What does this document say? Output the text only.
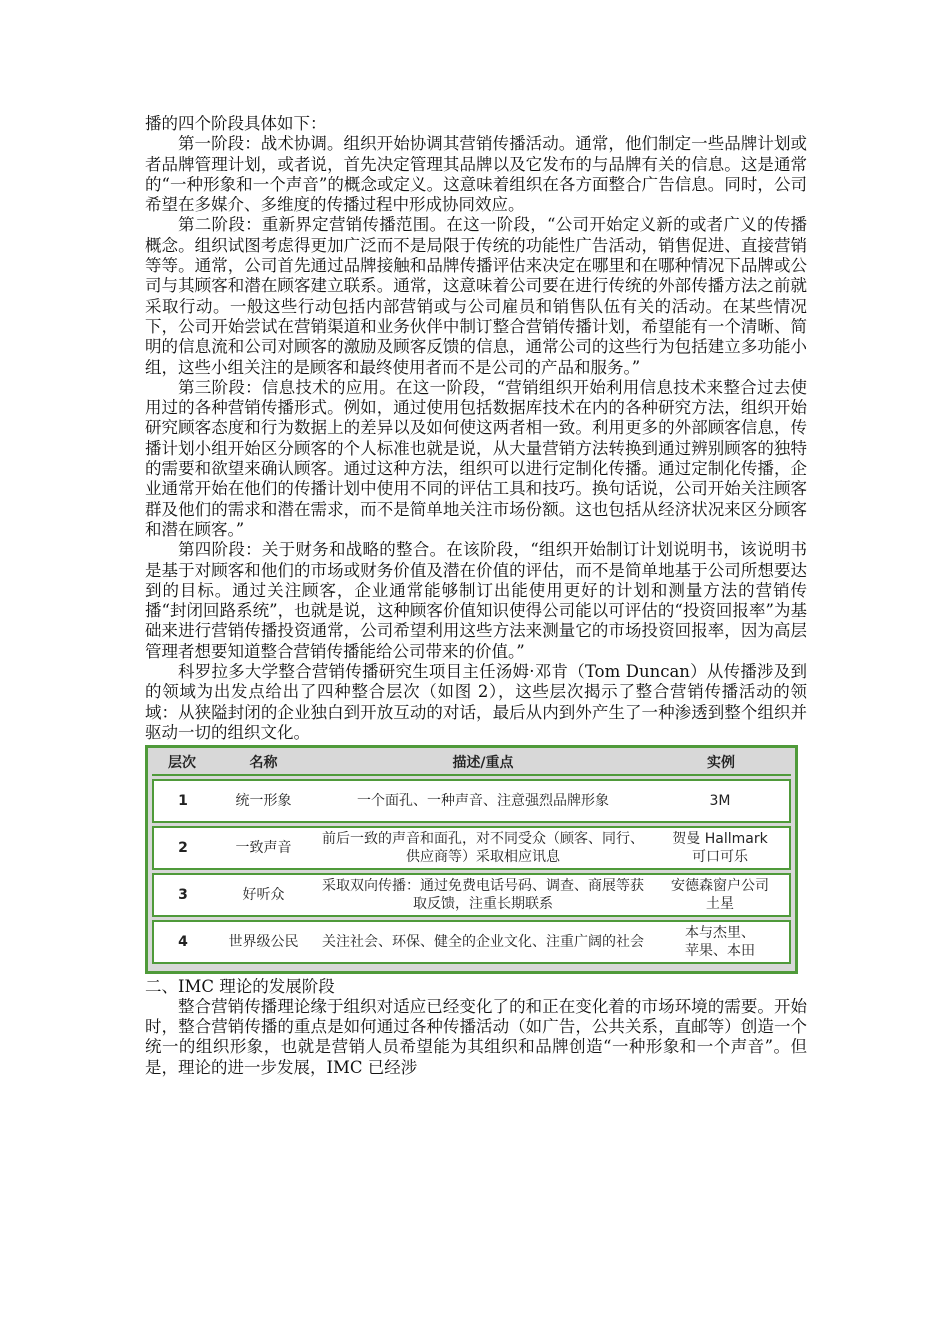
播的四个阶段具体如下：

第一阶段：战术协调。组织开始协调其营销传播活动。通常，他们制定一些品牌计划或者品牌管理计划，或者说，首先决定管理其品牌以及它发布的与品牌有关的信息。这是通常的“一种形象和一个声音”的概念或定义。这意味着组织在各方面整合广告信息。同时，公司希望在多媒介、多维度的传播过程中形成协同效应。

第二阶段：重新界定营销传播范围。在这一阶段，“公司开始定义新的或者广义的传播概念。组织试图考虑得更加广泛而不是局限于传统的功能性广告活动，销售促进、直接营销等等。通常，公司首先通过品牌接触和品牌传播评估来决定在哪里和在哪种情况下品牌或公司与其顾客和潜在顾客建立联系。通常，这意味着公司要在进行传统的外部传播方法之前就采取行动。一般这些行动包括内部营销或与公司雇员和销售队伍有关的活动。在某些情况下，公司开始尝试在营销渠道和业务伙伴中制订整合营销传播计划，希望能有一个清晰、简明的信息流和公司对顾客的激励及顾客反馈的信息，通常公司的这些行为包括建立多功能小组，这些小组关注的是顾客和最终使用者而不是公司的产品和服务。”

第三阶段：信息技术的应用。在这一阶段，“营销组织开始利用信息技术来整合过去使用过的各种营销传播形式。例如，通过使用包括数据库技术在内的各种研究方法，组织开始研究顾客态度和行为数据上的差异以及如何使这两者相一致。利用更多的外部顾客信息，传播计划小组开始区分顾客的个人标准也就是说，从大量营销方法转换到通过辨别顾客的独特的需要和欲望来确认顾客。通过这种方法，组织可以进行定制化传播。通过定制化传播，企业通常开始在他们的传播计划中使用不同的评估工具和技巧。换句话说，公司开始关注顾客群及他们的需求和潜在需求，而不是简单地关注市场份额。这也包括从经济状况来区分顾客和潜在顾客。”

第四阶段：关于财务和战略的整合。在该阶段，“组织开始制订计划说明书，该说明书是基于对顾客和他们的市场或财务价值及潜在价值的评估，而不是简单地基于公司所想要达到的目标。通过关注顾客，企业通常能够制订出能使用更好的计划和测量方法的营销传播“封闭回路系统”，也就是说，这种顾客价值知识使得公司能以可评估的“投资回报率”为基础来进行营销传播投资通常，公司希望利用这些方法来测量它的市场投资回报率，因为高层管理者想要知道整合营销传播能给公司带来的价值。”

科罗拉多大学整合营销传播研究生项目主任汤姆·邓肯（Tom Duncan）从传播涉及到的领域为出发点给出了四种整合层次（如图 2），这些层次揭示了整合营销传播活动的领域：从狭隘封闭的企业独白到开放互动的对话，最后从内到外产生了一种渗透到整个组织并驱动一切的组织文化。

层次	名称	描述/重点	实例
1	统一形象	一个面孔、一种声音、注意强烈品牌形象	3M
2	一致声音	前后一致的声音和面孔，对不同受众（顾客、同行、供应商等）采取相应讯息	贺曼 Hallmark
可口可乐
3	好听众	采取双向传播：通过免费电话号码、调查、商展等获取反馈，注重长期联系	安德森窗户公司
土星
4	世界级公民	关注社会、环保、健全的企业文化、注重广阔的社会	本与杰里、
苹果、本田

二、IMC 理论的发展阶段

整合营销传播理论缘于组织对适应已经变化了的和正在变化着的市场环境的需要。开始时，整合营销传播的重点是如何通过各种传播活动（如广告，公共关系，直邮等）创造一个统一的组织形象，也就是营销人员希望能为其组织和品牌创造“一种形象和一个声音”。但是，理论的进一步发展，IMC 已经涉
